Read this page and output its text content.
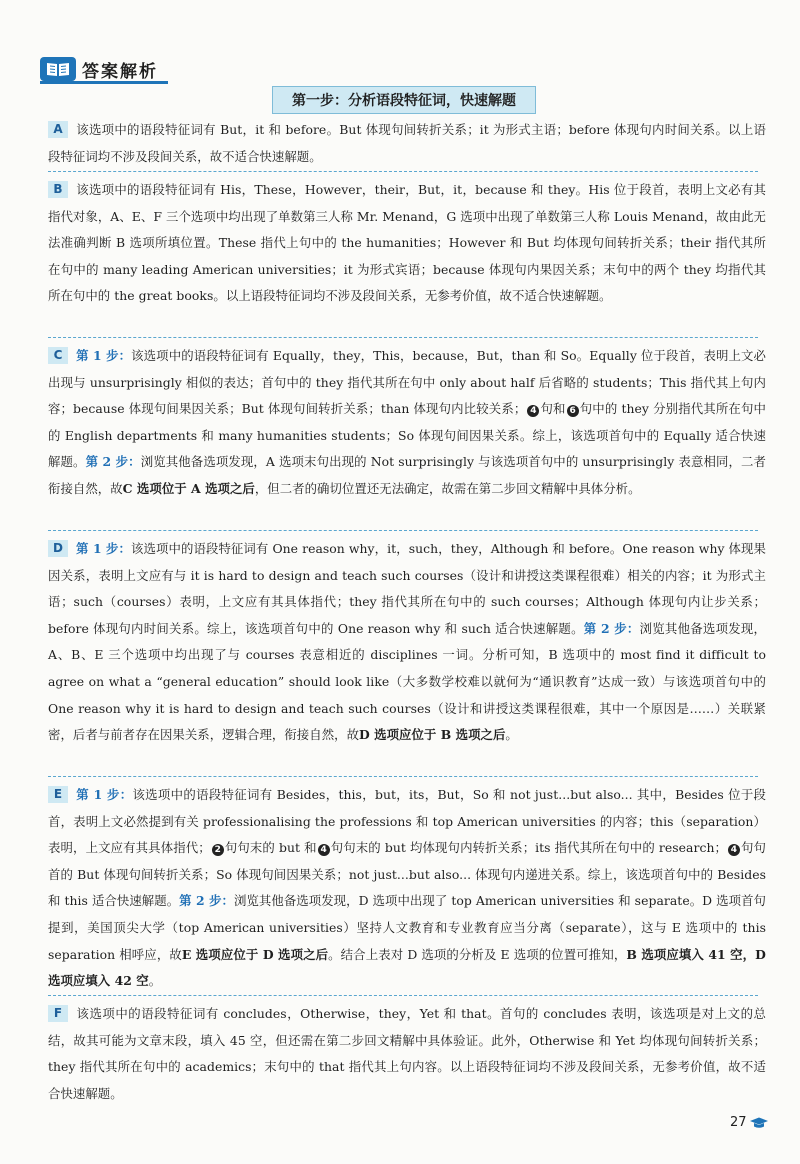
答案解析
第一步：分析语段特征词，快速解题
A 该选项中的语段特征词有 But，it 和 before。But 体现句间转折关系；it 为形式主语；before 体现句内时间关系。以上语段特征词均不涉及段间关系，故不适合快速解题。
B 该选项中的语段特征词有 His，These，However，their，But，it，because 和 they。His 位于段首，表明上文必有其指代对象，A、E、F 三个选项中均出现了单数第三人称 Mr. Menand，G 选项中出现了单数第三人称 Louis Menand，故由此无法准确判断 B 选项所填位置。These 指代上句中的 the humanities；However 和 But 均体现句间转折关系；their 指代其所在句中的 many leading American universities；it 为形式宾语；because 体现句内果因关系；末句中的两个 they 均指代其所在句中的 the great books。以上语段特征词均不涉及段间关系，无参考价值，故不适合快速解题。
C 第 1 步：该选项中的语段特征词有 Equally，they，This，because，But，than 和 So。Equally 位于段首，表明上文必出现与 unsurprisingly 相似的表达；首句中的 they 指代其所在句中 only about half 后省略的 students；This 指代其上句内容；because 体现句间果因关系；But 体现句间转折关系；than 体现句内比较关系； 4 句和 6 句中的 they 分别指代其所在句中的 English departments 和 many humanities students；So 体现句间因果关系。综上，该选项首句中的 Equally 适合快速解题。第 2 步：浏览其他备选项发现，A 选项末句出现的 Not surprisingly 与该选项首句中的 unsurprisingly 表意相同，二者衔接自然，故C 选项位于 A 选项之后，但二者的确切位置还无法确定，故需在第二步回文精解中具体分析。
D 第 1 步：该选项中的语段特征词有 One reason why，it，such，they，Although 和 before。One reason why 体现果因关系，表明上文应有与 it is hard to design and teach such courses（设计和讲授这类课程很难）相关的内容；it 为形式主语；such（courses）表明，上文应有其具体指代；they 指代其所在句中的 such courses；Although 体现句内让步关系；before 体现句内时间关系。综上，该选项首句中的 One reason why 和 such 适合快速解题。第 2 步：浏览其他备选项发现，A、B、E 三个选项中均出现了与 courses 表意相近的 disciplines 一词。分析可知，B 选项中的 most find it difficult to agree on what a “general education” should look like（大多数学校难以就何为“通识教育”达成一致）与该选项首句中的 One reason why it is hard to design and teach such courses（设计和讲授这类课程很难，其中一个原因是……）关联紧密，后者与前者存在因果关系，逻辑合理，衔接自然，故D 选项应位于 B 选项之后。
E 第 1 步：该选项中的语段特征词有 Besides，this，but，its，But，So 和 not just...but also... 其中，Besides 位于段首，表明上文必然提到有关 professionalising the professions 和 top American universities 的内容；this（separation）表明，上文应有其具体指代； 2 句句末的 but 和 4 句句末的 but 均体现句内转折关系；its 指代其所在句中的 research； 4 句句首的 But 体现句间转折关系；So 体现句间因果关系；not just...but also... 体现句内递进关系。综上，该选项首句中的 Besides 和 this 适合快速解题。第 2 步：浏览其他备选项发现，D 选项中出现了 top American universities 和 separate。D 选项首句提到，美国顶尖大学（top American universities）坚持人文教育和专业教育应当分离（separate），这与 E 选项中的 this separation 相呼应，故E 选项应位于 D 选项之后。结合上表对 D 选项的分析及 E 选项的位置可推知，B 选项应填入 41 空，D 选项应填入 42 空。
F 该选项中的语段特征词有 concludes，Otherwise，they，Yet 和 that。首句的 concludes 表明，该选项是对上文的总结，故其可能为文章末段，填入 45 空，但还需在第二步回文精解中具体验证。此外，Otherwise 和 Yet 均体现句间转折关系；they 指代其所在句中的 academics；末句中的 that 指代其上句内容。以上语段特征词均不涉及段间关系，无参考价值，故不适合快速解题。
27
